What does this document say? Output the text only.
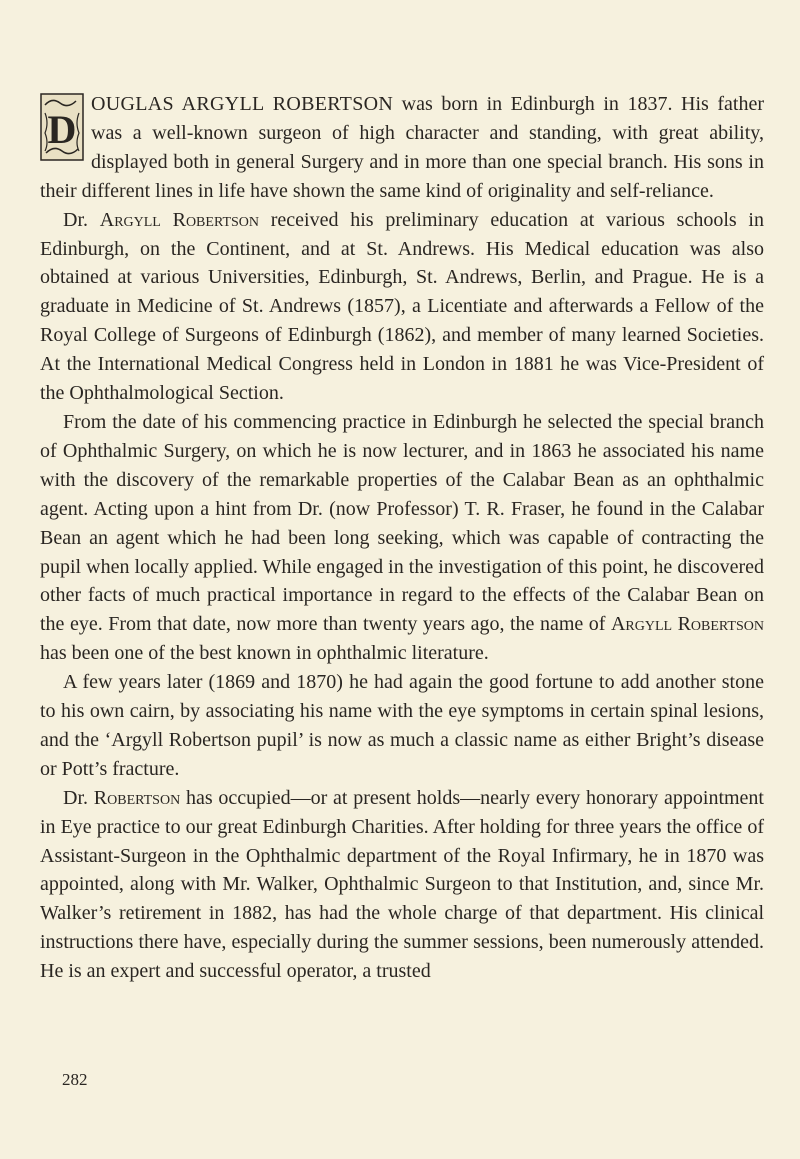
D
OUGLAS ARGYLL ROBERTSON was born in Edinburgh in 1837. His father was a well-known surgeon of high character and standing, with great ability, displayed both in general Surgery and in more than one special branch. His sons in their different lines in life have shown the same kind of originality and self-reliance.

Dr. Argyll Robertson received his preliminary education at various schools in Edinburgh, on the Continent, and at St. Andrews. His Medical education was also obtained at various Universities, Edinburgh, St. Andrews, Berlin, and Prague. He is a graduate in Medicine of St. Andrews (1857), a Licentiate and afterwards a Fellow of the Royal College of Surgeons of Edinburgh (1862), and member of many learned Societies. At the International Medical Congress held in London in 1881 he was Vice-President of the Ophthalmological Section.

From the date of his commencing practice in Edinburgh he selected the special branch of Ophthalmic Surgery, on which he is now lecturer, and in 1863 he associated his name with the discovery of the remarkable properties of the Calabar Bean as an ophthalmic agent. Acting upon a hint from Dr. (now Professor) T. R. Fraser, he found in the Calabar Bean an agent which he had been long seeking, which was capable of contracting the pupil when locally applied. While engaged in the investigation of this point, he discovered other facts of much practical importance in regard to the effects of the Calabar Bean on the eye. From that date, now more than twenty years ago, the name of Argyll Robertson has been one of the best known in ophthalmic literature.

A few years later (1869 and 1870) he had again the good fortune to add another stone to his own cairn, by associating his name with the eye symptoms in certain spinal lesions, and the ‘Argyll Robertson pupil’ is now as much a classic name as either Bright’s disease or Pott’s fracture.

Dr. Robertson has occupied—or at present holds—nearly every honorary appointment in Eye practice to our great Edinburgh Charities. After holding for three years the office of Assistant-Surgeon in the Ophthalmic department of the Royal Infirmary, he in 1870 was appointed, along with Mr. Walker, Ophthalmic Surgeon to that Institution, and, since Mr. Walker’s retirement in 1882, has had the whole charge of that department. His clinical instructions there have, especially during the summer sessions, been numerously attended. He is an expert and successful operator, a trusted

282
